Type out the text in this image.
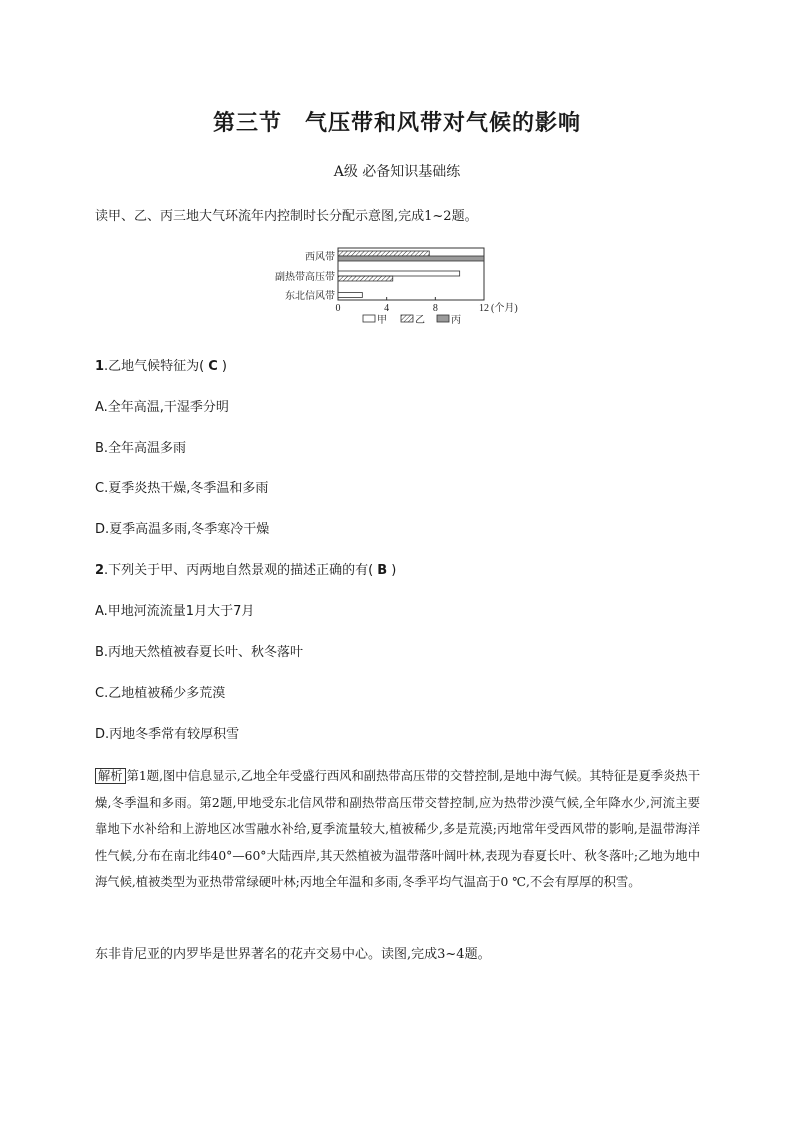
第三节　气压带和风带对气候的影响
A级 必备知识基础练
读甲、乙、丙三地大气环流年内控制时长分配示意图,完成1~2题。
西风带
副热带高压带
东北信风带
0	4	8	12 (个月)
甲	乙	丙
1.乙地气候特征为( C )
A.全年高温,干湿季分明
B.全年高温多雨
C.夏季炎热干燥,冬季温和多雨
D.夏季高温多雨,冬季寒冷干燥
2.下列关于甲、丙两地自然景观的描述正确的有( B )
A.甲地河流流量1月大于7月
B.丙地天然植被春夏长叶、秋冬落叶
C.乙地植被稀少多荒漠
D.丙地冬季常有较厚积雪
解析 第1题,图中信息显示,乙地全年受盛行西风和副热带高压带的交替控制,是地中海气候。其特征是夏季炎热干燥,冬季温和多雨。第2题,甲地受东北信风带和副热带高压带交替控制,应为热带沙漠气候,全年降水少,河流主要靠地下水补给和上游地区冰雪融水补给,夏季流量较大,植被稀少,多是荒漠;丙地常年受西风带的影响,是温带海洋性气候,分布在南北纬40°—60°大陆西岸,其天然植被为温带落叶阔叶林,表现为春夏长叶、秋冬落叶;乙地为地中海气候,植被类型为亚热带常绿硬叶林;丙地全年温和多雨,冬季平均气温高于0 ℃,不会有厚厚的积雪。
东非肯尼亚的内罗毕是世界著名的花卉交易中心。读图,完成3~4题。
